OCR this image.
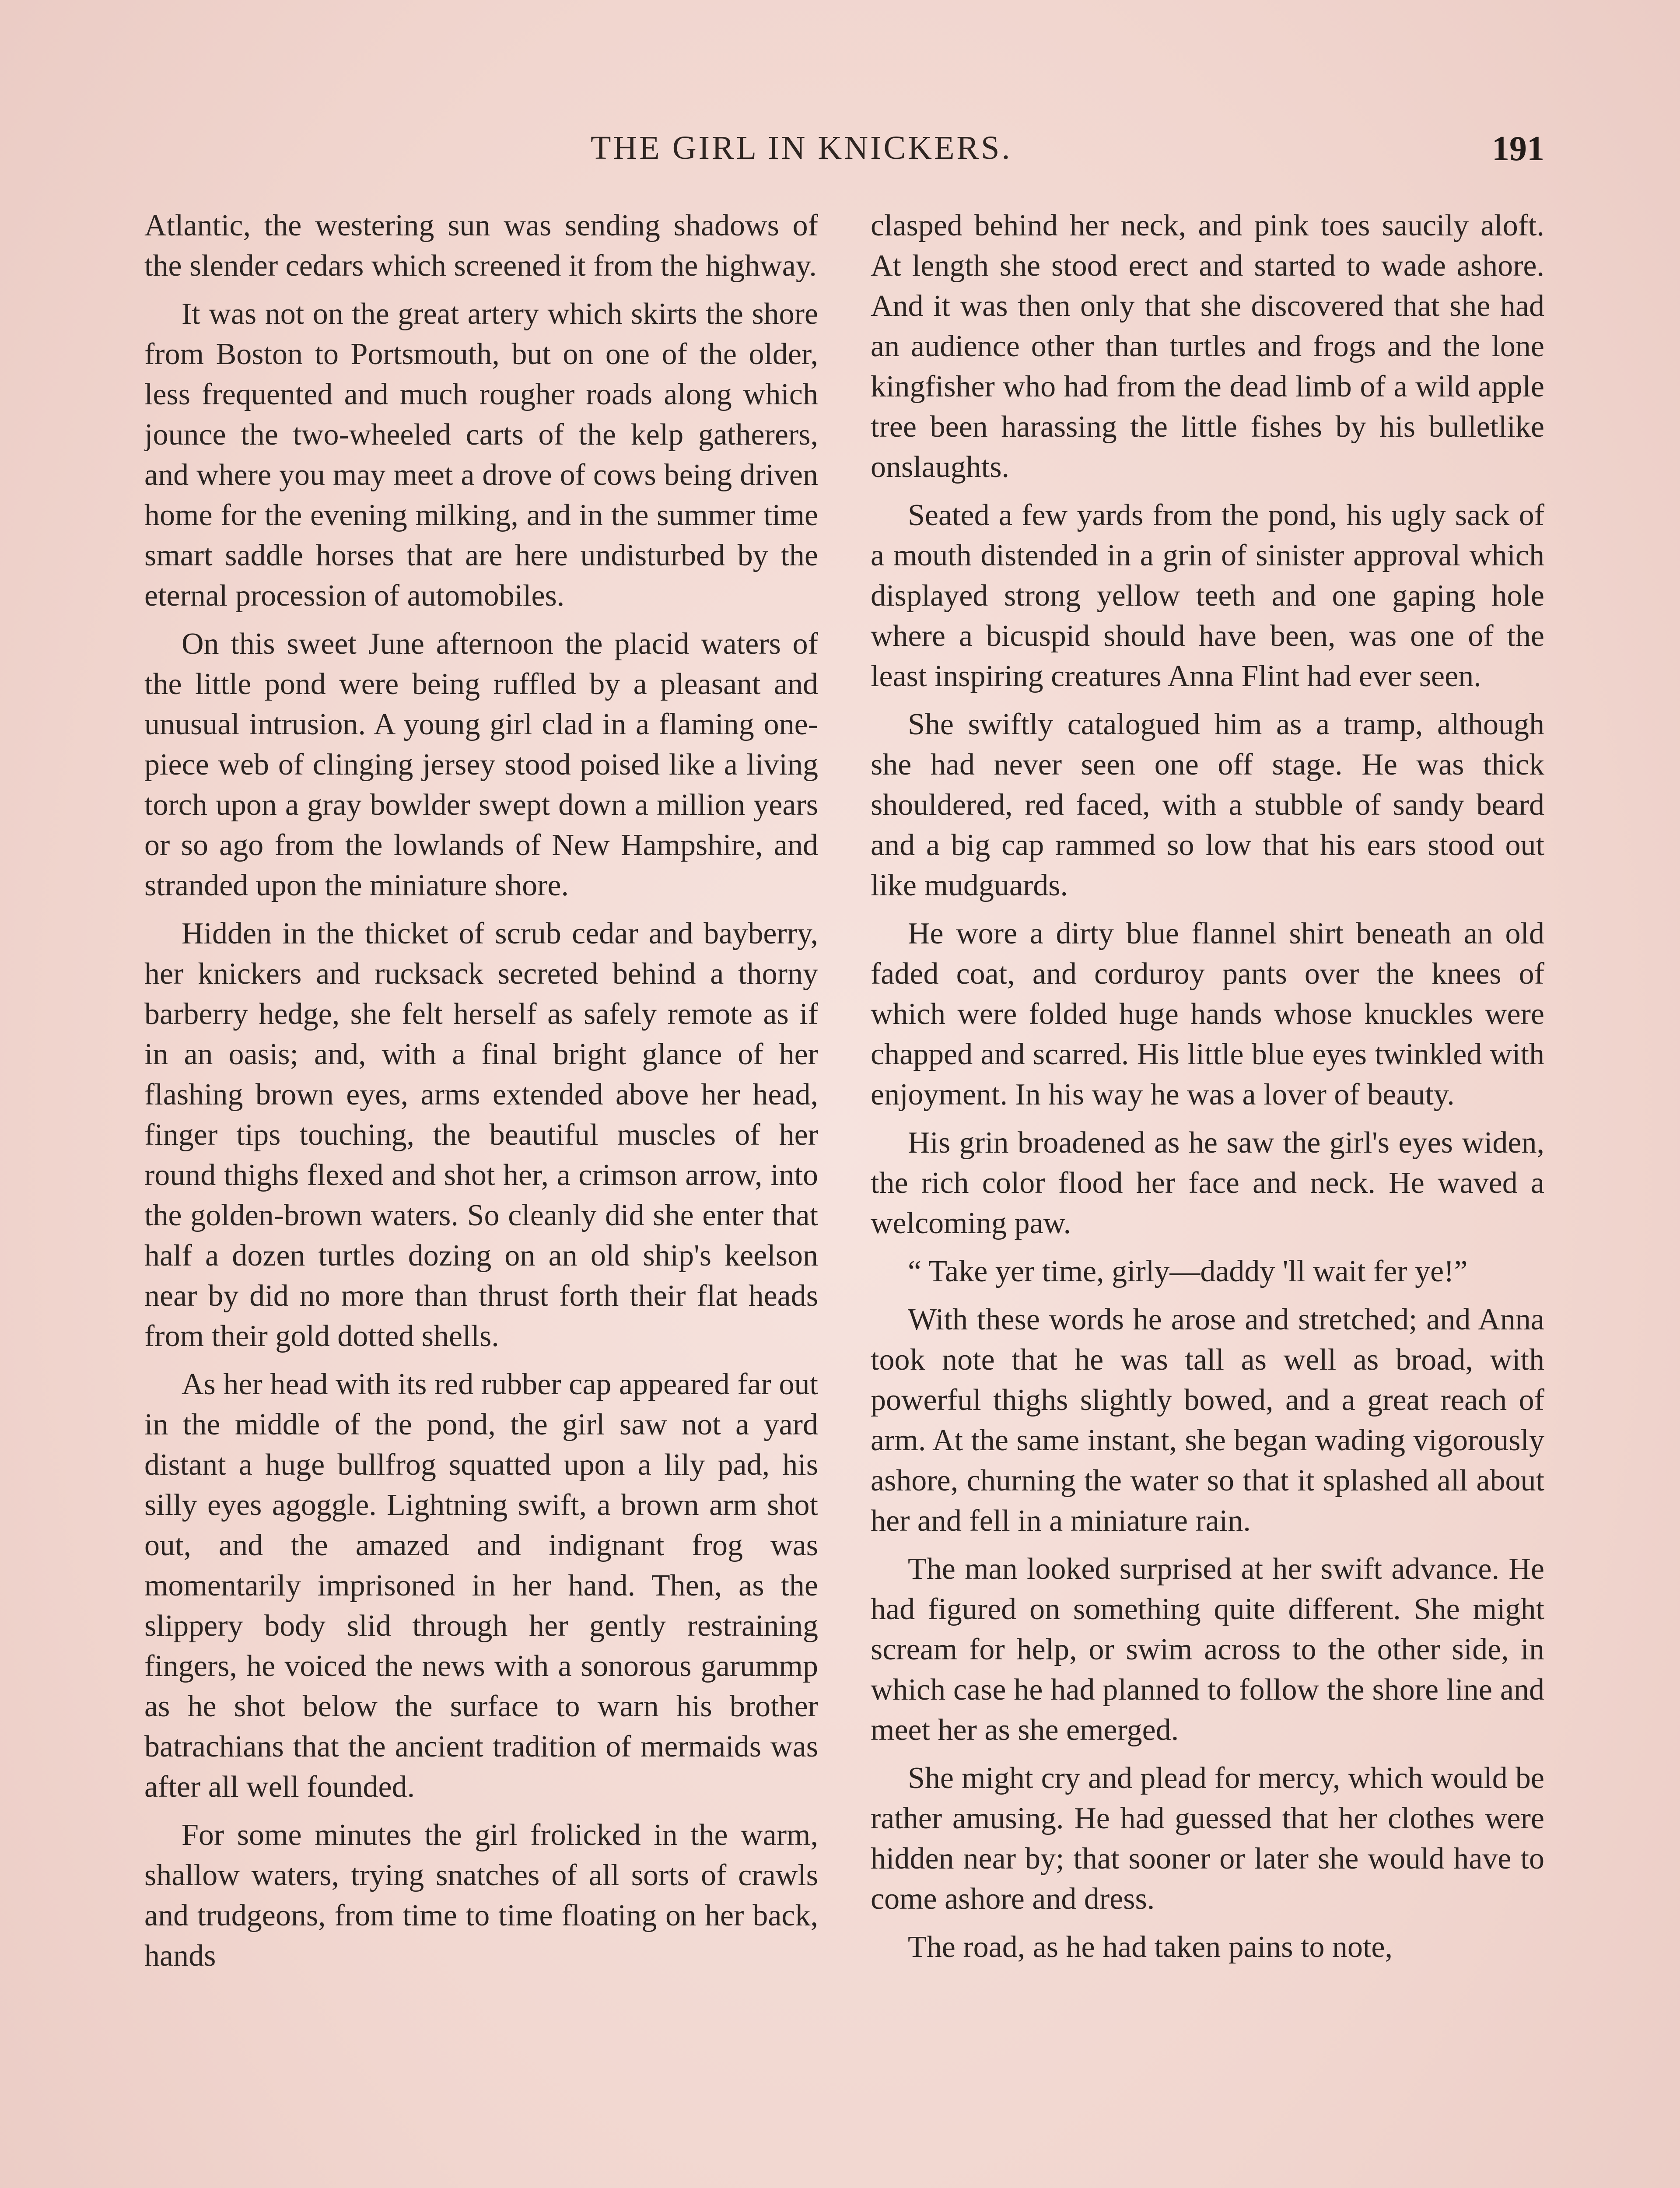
THE GIRL IN KNICKERS.	191

Atlantic, the westering sun was sending shadows of the slender cedars which screened it from the highway.

It was not on the great artery which skirts the shore from Boston to Portsmouth, but on one of the older, less frequented and much rougher roads along which jounce the two-wheeled carts of the kelp gatherers, and where you may meet a drove of cows being driven home for the evening milking, and in the summer time smart saddle horses that are here undisturbed by the eternal procession of automobiles.

On this sweet June afternoon the placid waters of the little pond were being ruffled by a pleasant and unusual intrusion. A young girl clad in a flaming one-piece web of clinging jersey stood poised like a living torch upon a gray bowlder swept down a million years or so ago from the lowlands of New Hampshire, and stranded upon the miniature shore.

Hidden in the thicket of scrub cedar and bayberry, her knickers and rucksack secreted behind a thorny barberry hedge, she felt herself as safely remote as if in an oasis; and, with a final bright glance of her flashing brown eyes, arms extended above her head, finger tips touching, the beautiful muscles of her round thighs flexed and shot her, a crimson arrow, into the golden-brown waters. So cleanly did she enter that half a dozen turtles dozing on an old ship's keelson near by did no more than thrust forth their flat heads from their gold dotted shells.

As her head with its red rubber cap appeared far out in the middle of the pond, the girl saw not a yard distant a huge bullfrog squatted upon a lily pad, his silly eyes agoggle. Lightning swift, a brown arm shot out, and the amazed and indignant frog was momentarily imprisoned in her hand. Then, as the slippery body slid through her gently restraining fingers, he voiced the news with a sonorous garummp as he shot below the surface to warn his brother batrachians that the ancient tradition of mermaids was after all well founded.

For some minutes the girl frolicked in the warm, shallow waters, trying snatches of all sorts of crawls and trudgeons, from time to time floating on her back, hands

clasped behind her neck, and pink toes saucily aloft. At length she stood erect and started to wade ashore. And it was then only that she discovered that she had an audience other than turtles and frogs and the lone kingfisher who had from the dead limb of a wild apple tree been harassing the little fishes by his bulletlike onslaughts.

Seated a few yards from the pond, his ugly sack of a mouth distended in a grin of sinister approval which displayed strong yellow teeth and one gaping hole where a bicuspid should have been, was one of the least inspiring creatures Anna Flint had ever seen.

She swiftly catalogued him as a tramp, although she had never seen one off stage. He was thick shouldered, red faced, with a stubble of sandy beard and a big cap rammed so low that his ears stood out like mudguards.

He wore a dirty blue flannel shirt beneath an old faded coat, and corduroy pants over the knees of which were folded huge hands whose knuckles were chapped and scarred. His little blue eyes twinkled with enjoyment. In his way he was a lover of beauty.

His grin broadened as he saw the girl's eyes widen, the rich color flood her face and neck. He waved a welcoming paw.

“ Take yer time, girly—daddy 'll wait fer ye!”

With these words he arose and stretched; and Anna took note that he was tall as well as broad, with powerful thighs slightly bowed, and a great reach of arm. At the same instant, she began wading vigorously ashore, churning the water so that it splashed all about her and fell in a miniature rain.

The man looked surprised at her swift advance. He had figured on something quite different. She might scream for help, or swim across to the other side, in which case he had planned to follow the shore line and meet her as she emerged.

She might cry and plead for mercy, which would be rather amusing. He had guessed that her clothes were hidden near by; that sooner or later she would have to come ashore and dress.

The road, as he had taken pains to note,
